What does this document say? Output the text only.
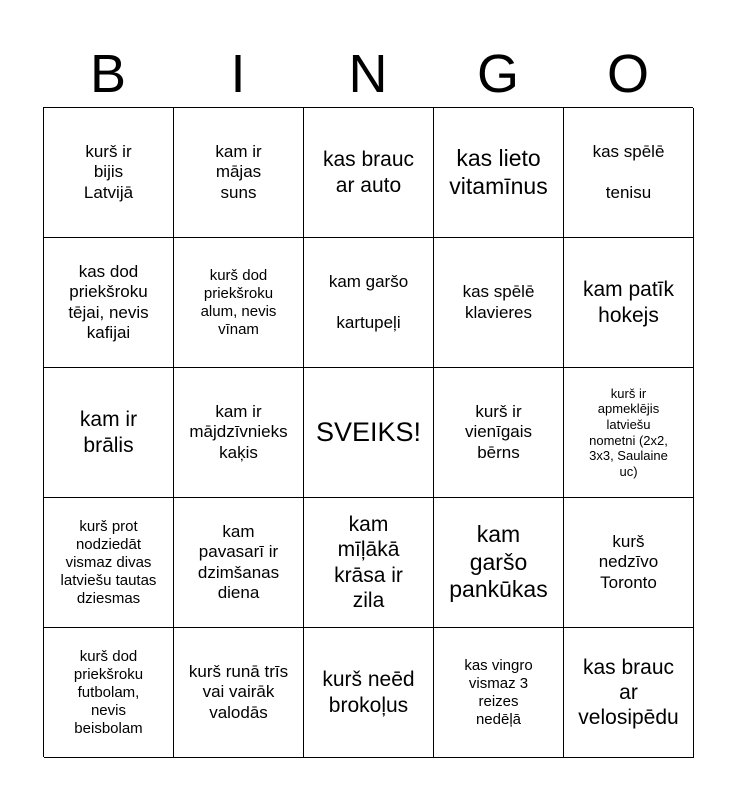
B	I	N	G	O
kurš ir
bijis
Latvijā
kam ir
mājas
suns
kas brauc
ar auto
kas lieto
vitamīnus
kas spēlē

tenisu
kas dod
priekšroku
tējai, nevis
kafijai
kurš dod
priekšroku
alum, nevis
vīnam
kam garšo

kartupeļi
kas spēlē
klavieres
kam patīk
hokejs
kam ir
brālis
kam ir
mājdzīvnieks
kaķis
SVEIKS!
kurš ir
vienīgais
bērns
kurš ir
apmeklējis
latviešu
nometni (2x2,
3x3, Saulaine
uc)
kurš prot
nodziedāt
vismaz divas
latviešu tautas
dziesmas
kam
pavasarī ir
dzimšanas
diena
kam
mīļākā
krāsa ir
zila
kam
garšo
pankūkas
kurš
nedzīvo
Toronto
kurš dod
priekšroku
futbolam,
nevis
beisbolam
kurš runā trīs
vai vairāk
valodās
kurš neēd
brokoļus
kas vingro
vismaz 3
reizes
nedēļā
kas brauc
ar
velosipēdu
